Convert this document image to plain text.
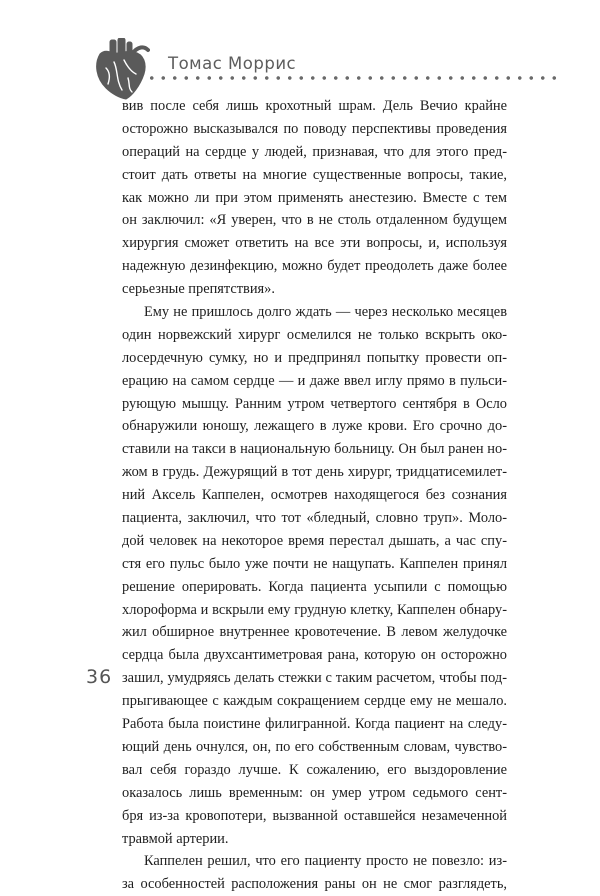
Томас Моррис
вив после себя лишь крохотный шрам. Дель Вечио крайне
осторожно высказывался по поводу перспективы проведения
операций на сердце у людей, признавая, что для этого пред-
стоит дать ответы на многие существенные вопросы, такие,
как можно ли при этом применять анестезию. Вместе с тем
он заключил: «Я уверен, что в не столь отдаленном будущем
хирургия сможет ответить на все эти вопросы, и, используя
надежную дезинфекцию, можно будет преодолеть даже более
серьезные препятствия».
Ему не пришлось долго ждать — через несколько месяцев
один норвежский хирург осмелился не только вскрыть око-
лосердечную сумку, но и предпринял попытку провести оп-
ерацию на самом сердце — и даже ввел иглу прямо в пульси-
рующую мышцу. Ранним утром четвертого сентября в Осло
обнаружили юношу, лежащего в луже крови. Его срочно до-
ставили на такси в национальную больницу. Он был ранен но-
жом в грудь. Дежурящий в тот день хирург, тридцатисемилет-
ний Аксель Каппелен, осмотрев находящегося без сознания
пациента, заключил, что тот «бледный, словно труп». Моло-
дой человек на некоторое время перестал дышать, а час спу-
стя его пульс было уже почти не нащупать. Каппелен принял
решение оперировать. Когда пациента усыпили с помощью
хлороформа и вскрыли ему грудную клетку, Каппелен обнару-
жил обширное внутреннее кровотечение. В левом желудочке
сердца была двухсантиметровая рана, которую он осторожно
зашил, умудряясь делать стежки с таким расчетом, чтобы под-
прыгивающее с каждым сокращением сердце ему не мешало.
Работа была поистине филигранной. Когда пациент на следу-
ющий день очнулся, он, по его собственным словам, чувство-
вал себя гораздо лучше. К сожалению, его выздоровление
оказалось лишь временным: он умер утром седьмого сент-
бря из-за кровопотери, вызванной оставшейся незамеченной
травмой артерии.
Каппелен решил, что его пациенту просто не повезло: из-
за особенностей расположения раны он не смог разглядеть,
36
